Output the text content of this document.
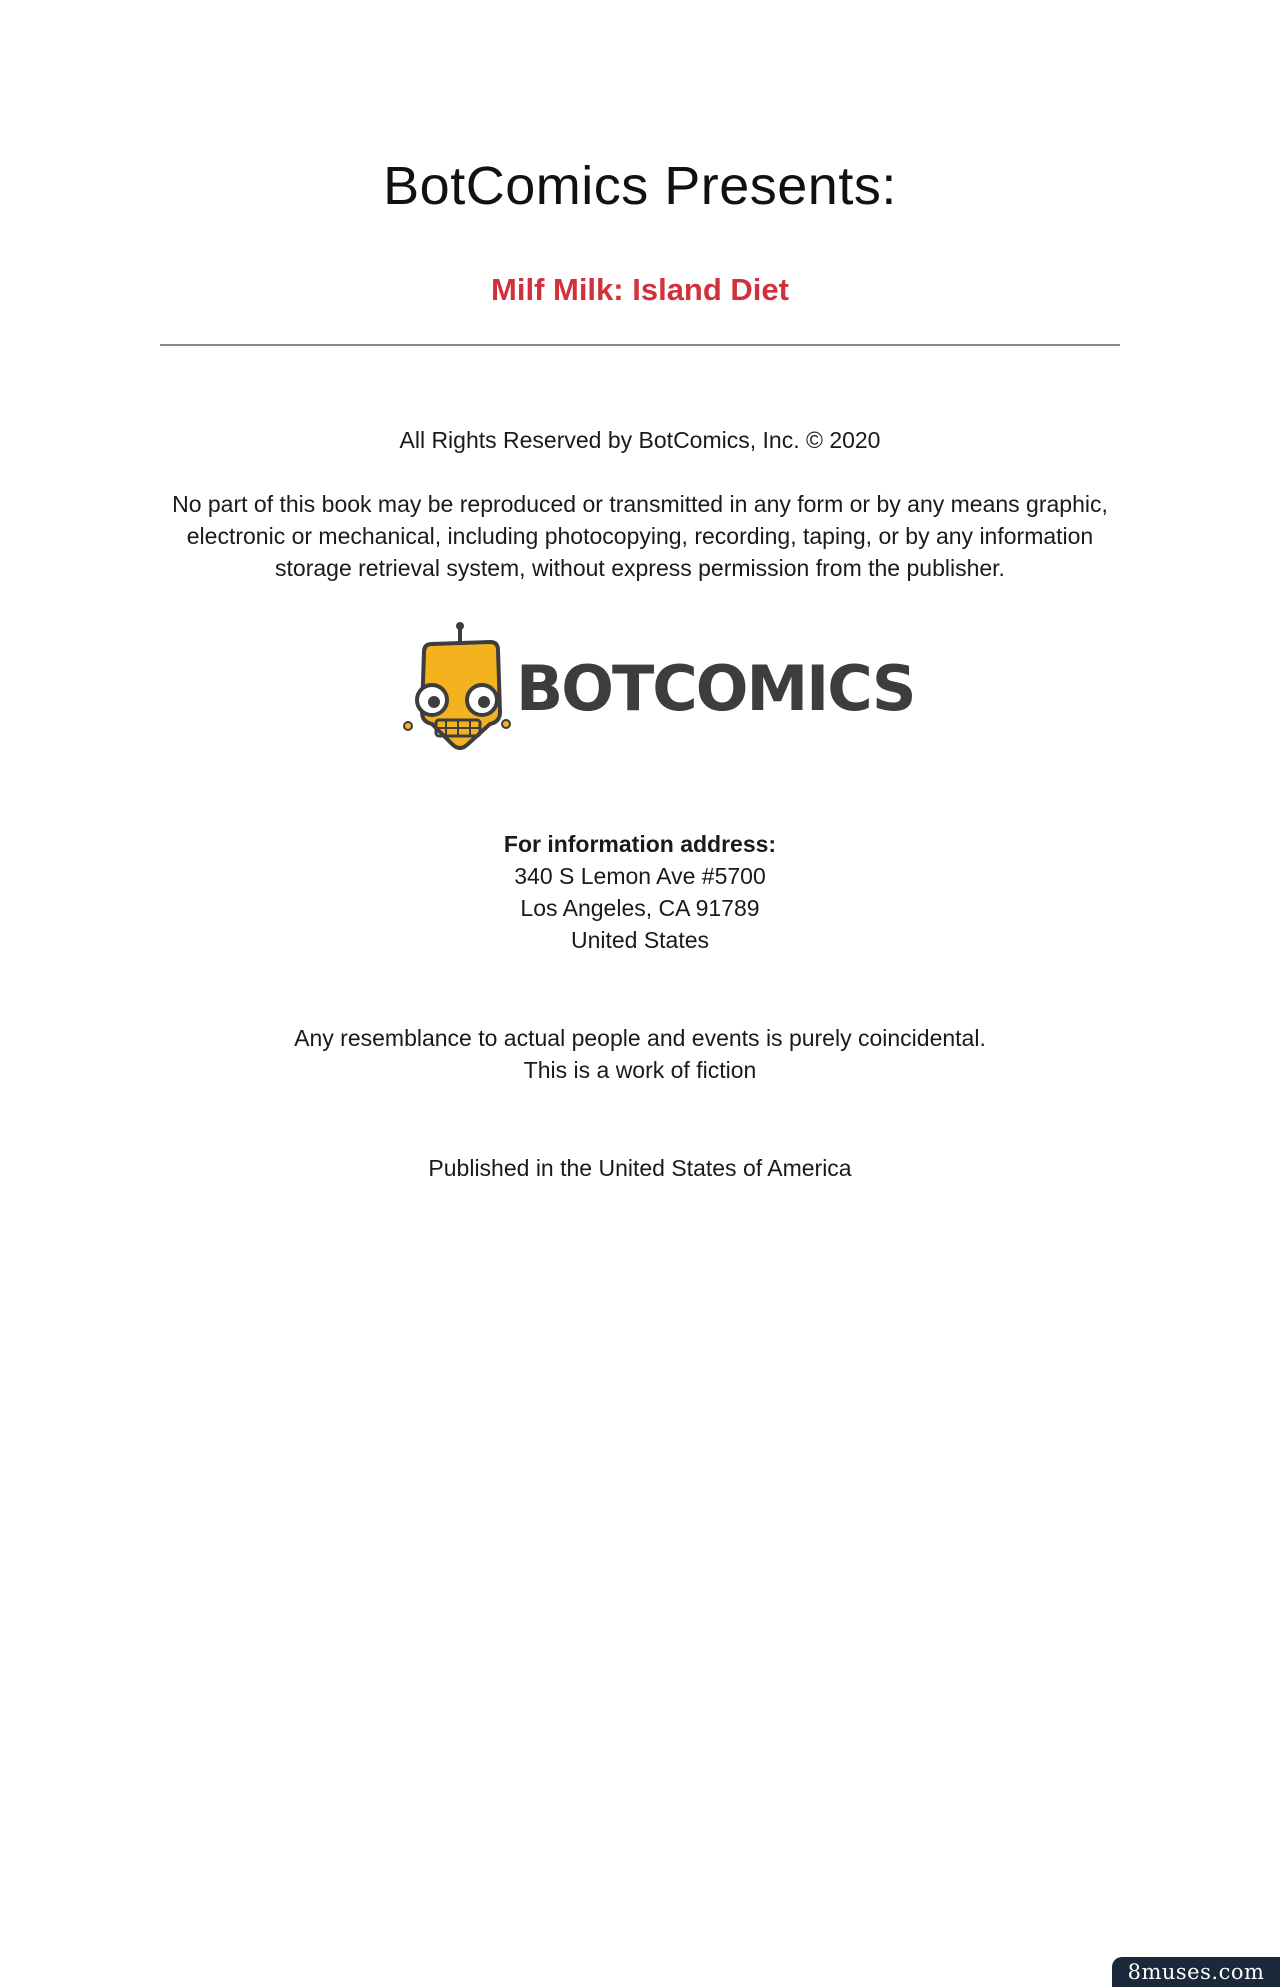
BotComics Presents:
Milf Milk: Island Diet
All Rights Reserved by BotComics, Inc. © 2020
No part of this book may be reproduced or transmitted in any form or by any means graphic,
electronic or mechanical, including photocopying, recording, taping, or by any information
storage retrieval system, without express permission from the publisher.
BOTCOMICS
For information address:
340 S Lemon Ave #5700
Los Angeles, CA 91789
United States
Any resemblance to actual people and events is purely coincidental.
This is a work of fiction
Published in the United States of America
8muses.com
